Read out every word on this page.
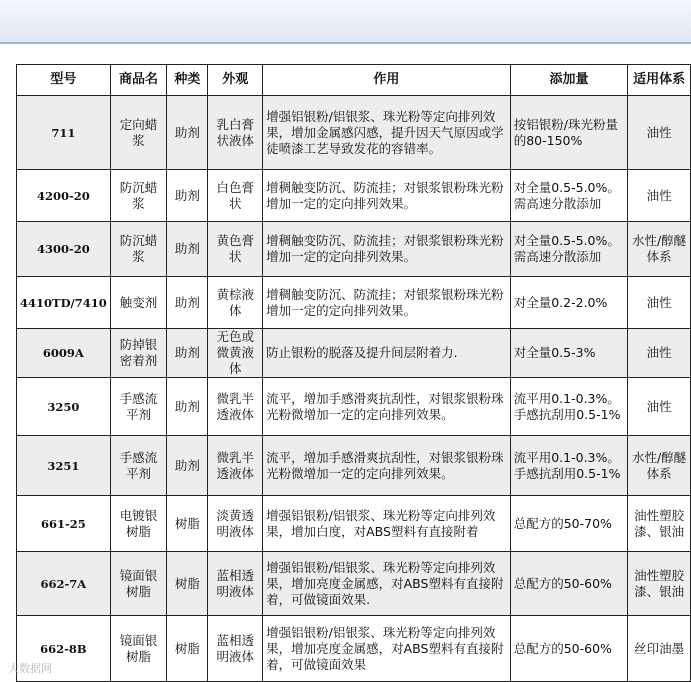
型号	商品名	种类	外观	作用	添加量	适用体系
711	定向蜡浆	助剂	乳白膏状液体	增强铝银粉/铝银浆、珠光粉等定向排列效果，增加金属感闪感，提升因天气原因或学徒喷漆工艺导致发花的容错率。	按铝银粉/珠光粉量的80-150%	油性
4200-20	防沉蜡浆	助剂	白色膏状	增稠触变防沉、防流挂；对银浆银粉珠光粉增加一定的定向排列效果。	对全量0.5-5.0%。需高速分散添加	油性
4300-20	防沉蜡浆	助剂	黄色膏状	增稠触变防沉、防流挂；对银浆银粉珠光粉增加一定的定向排列效果。	对全量0.5-5.0%。需高速分散添加	水性/醇醚体系
4410TD/7410	触变剂	助剂	黄棕液体	增稠触变防沉、防流挂；对银浆银粉珠光粉增加一定的定向排列效果。	对全量0.2-2.0%	油性
6009A	防掉银密着剂	助剂	无色或微黄液体	防止银粉的脱落及提升间层附着力.	对全量0.5-3%	油性
3250	手感流平剂	助剂	微乳半透液体	流平，增加手感滑爽抗刮性，对银浆银粉珠光粉微增加一定的定向排列效果。	流平用0.1-0.3%。手感抗刮用0.5-1%	油性
3251	手感流平剂	助剂	微乳半透液体	流平，增加手感滑爽抗刮性，对银浆银粉珠光粉微增加一定的定向排列效果。	流平用0.1-0.3%。手感抗刮用0.5-1%	水性/醇醚体系
661-25	电镀银树脂	树脂	淡黄透明液体	增强铝银粉/铝银浆、珠光粉等定向排列效果，增加白度，对ABS塑料有直接附着	总配方的50-70%	油性塑胶漆、银油
662-7A	镜面银树脂	树脂	蓝相透明液体	增强铝银粉/铝银浆、珠光粉等定向排列效果，增加亮度金属感，对ABS塑料有直接附着，可做镜面效果.	总配方的50-60%	油性塑胶漆、银油
662-8B	镜面银树脂	树脂	蓝相透明液体	增强铝银粉/铝银浆、珠光粉等定向排列效果，增加亮度金属感，对ABS塑料有直接附着，可做镜面效果	总配方的50-60%	丝印油墨
大数据网
